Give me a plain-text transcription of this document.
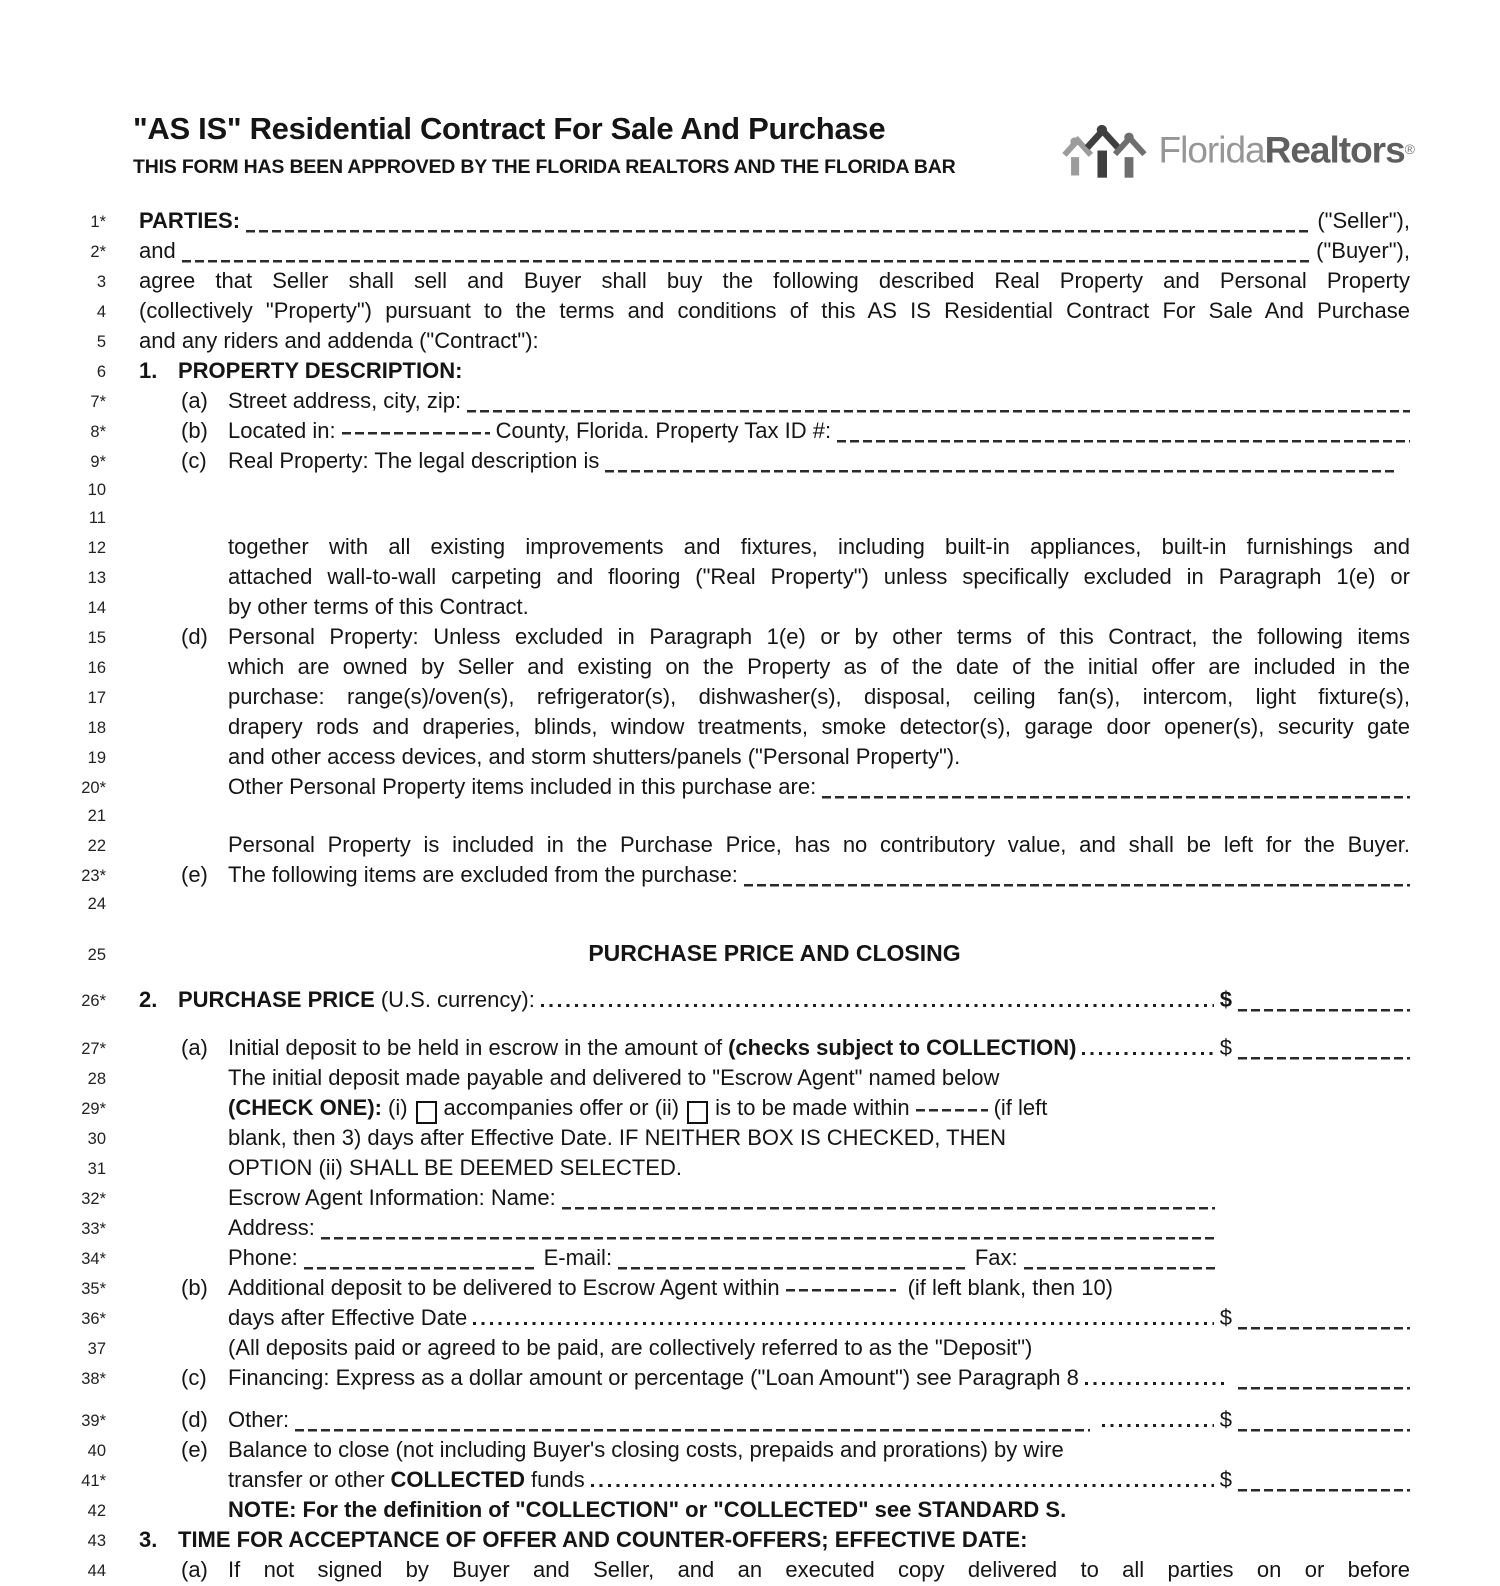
"AS IS" Residential Contract For Sale And Purchase
THIS FORM HAS BEEN APPROVED BY THE FLORIDA REALTORS AND THE FLORIDA BAR	FloridaRealtors®
1* PARTIES:	("Seller"),
2* and	("Buyer"),
3 agree that Seller shall sell and Buyer shall buy the following described Real Property and Personal Property
4 (collectively "Property") pursuant to the terms and conditions of this AS IS Residential Contract For Sale And Purchase
5 and any riders and addenda ("Contract"):
6 1. PROPERTY DESCRIPTION:
7*	(a) Street address, city, zip:
8*	(b) Located in:	County, Florida. Property Tax ID #:
9*	(c) Real Property: The legal description is
10
11
12	together with all existing improvements and fixtures, including built-in appliances, built-in furnishings and
13	attached wall-to-wall carpeting and flooring ("Real Property") unless specifically excluded in Paragraph 1(e) or
14	by other terms of this Contract.
15	(d) Personal Property: Unless excluded in Paragraph 1(e) or by other terms of this Contract, the following items
16	which are owned by Seller and existing on the Property as of the date of the initial offer are included in the
17	purchase: range(s)/oven(s), refrigerator(s), dishwasher(s), disposal, ceiling fan(s), intercom, light fixture(s),
18	drapery rods and draperies, blinds, window treatments, smoke detector(s), garage door opener(s), security gate
19	and other access devices, and storm shutters/panels ("Personal Property").
20*	Other Personal Property items included in this purchase are:
21
22	Personal Property is included in the Purchase Price, has no contributory value, and shall be left for the Buyer.
23*	(e) The following items are excluded from the purchase:
24
25	PURCHASE PRICE AND CLOSING
26* 2. PURCHASE PRICE (U.S. currency):	$
27*	(a) Initial deposit to be held in escrow in the amount of (checks subject to COLLECTION)	$
28	The initial deposit made payable and delivered to "Escrow Agent" named below
29*	(CHECK ONE): (i) accompanies offer or (ii) is to be made within	(if left
30	blank, then 3) days after Effective Date. IF NEITHER BOX IS CHECKED, THEN
31	OPTION (ii) SHALL BE DEEMED SELECTED.
32*	Escrow Agent Information: Name:
33*	Address:
34*	Phone:	E-mail:	Fax:
35*	(b) Additional deposit to be delivered to Escrow Agent within	(if left blank, then 10)
36*	days after Effective Date	$
37	(All deposits paid or agreed to be paid, are collectively referred to as the "Deposit")
38*	(c) Financing: Express as a dollar amount or percentage ("Loan Amount") see Paragraph 8
39*	(d) Other:	$
40	(e) Balance to close (not including Buyer's closing costs, prepaids and prorations) by wire
41*	transfer or other COLLECTED funds	$
42	NOTE: For the definition of "COLLECTION" or "COLLECTED" see STANDARD S.
43 3. TIME FOR ACCEPTANCE OF OFFER AND COUNTER-OFFERS; EFFECTIVE DATE:
44	(a) If not signed by Buyer and Seller, and an executed copy delivered to all parties on or before
